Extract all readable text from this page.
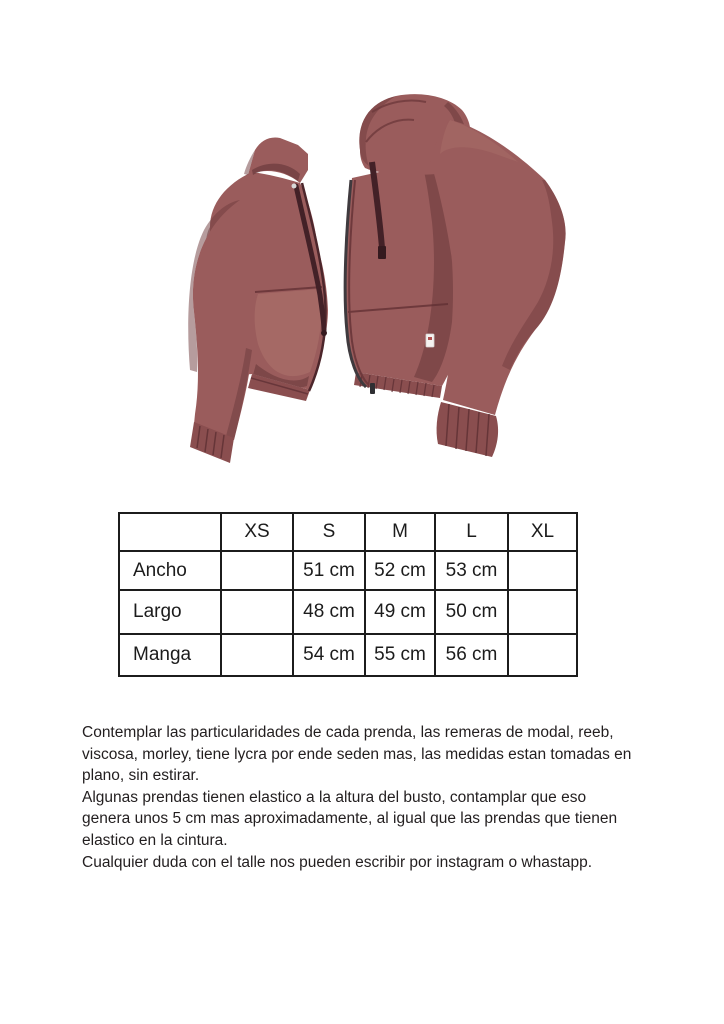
	XS	S	M	L	XL
Ancho		51 cm	52 cm	53 cm	
Largo		48 cm	49 cm	50 cm	
Manga		54 cm	55 cm	56 cm	
Contemplar las particularidades de cada prenda, las remeras de modal, reeb,
viscosa, morley, tiene lycra por ende seden mas, las medidas estan tomadas en
plano, sin estirar.
Algunas prendas tienen elastico a la altura del busto, contamplar que eso
genera unos 5 cm mas aproximadamente, al igual que las prendas que tienen
elastico en la cintura.
Cualquier duda con el talle nos pueden escribir por instagram o whastapp.
